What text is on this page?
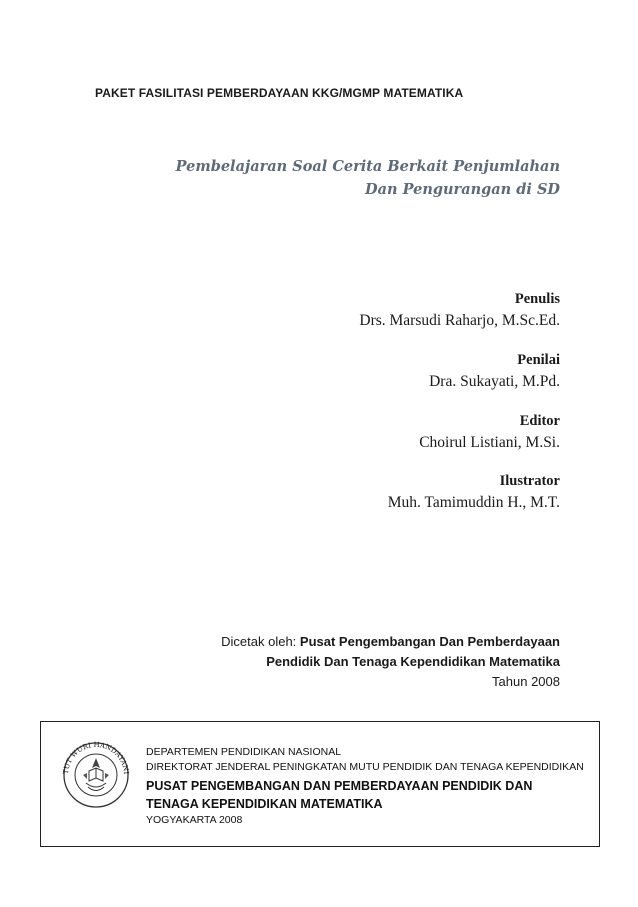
PAKET FASILITASI PEMBERDAYAAN KKG/MGMP MATEMATIKA
Pembelajaran Soal Cerita Berkait Penjumlahan
Dan Pengurangan di SD
Penulis
Drs. Marsudi Raharjo, M.Sc.Ed.
Penilai
Dra. Sukayati, M.Pd.
Editor
Choirul Listiani, M.Si.
Ilustrator
Muh. Tamimuddin H., M.T.
Dicetak oleh: Pusat Pengembangan Dan Pemberdayaan
Pendidik Dan Tenaga Kependidikan Matematika
Tahun 2008
TUT WURI HANDAYANI
DEPARTEMEN PENDIDIKAN NASIONAL
DIREKTORAT JENDERAL PENINGKATAN MUTU PENDIDIK DAN TENAGA KEPENDIDIKAN
PUSAT PENGEMBANGAN DAN PEMBERDAYAAN PENDIDIK DAN
TENAGA KEPENDIDIKAN MATEMATIKA
YOGYAKARTA 2008
